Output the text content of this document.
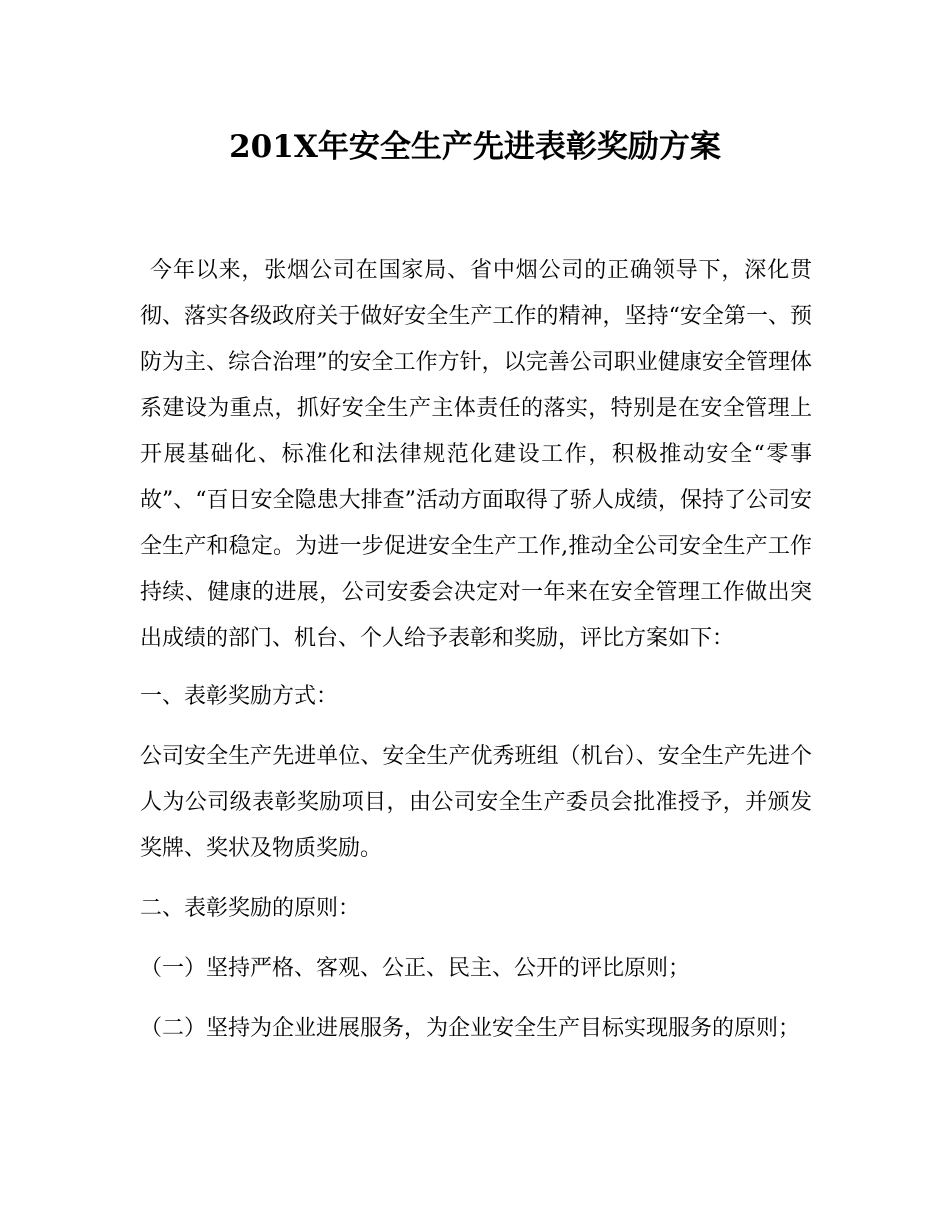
201X年安全生产先进表彰奖励方案

今年以来，张烟公司在国家局、省中烟公司的正确领导下，深化贯彻、落实各级政府关于做好安全生产工作的精神，坚持“安全第一、预防为主、综合治理”的安全工作方针，以完善公司职业健康安全管理体系建设为重点，抓好安全生产主体责任的落实，特别是在安全管理上开展基础化、标准化和法律规范化建设工作，积极推动安全“零事故”、“百日安全隐患大排查”活动方面取得了骄人成绩，保持了公司安全生产和稳定。为进一步促进安全生产工作,推动全公司安全生产工作持续、健康的进展，公司安委会决定对一年来在安全管理工作做出突出成绩的部门、机台、个人给予表彰和奖励，评比方案如下：

一、表彰奖励方式：

公司安全生产先进单位、安全生产优秀班组（机台）、安全生产先进个人为公司级表彰奖励项目，由公司安全生产委员会批准授予，并颁发奖牌、奖状及物质奖励。

二、表彰奖励的原则：

（一）坚持严格、客观、公正、民主、公开的评比原则；

（二）坚持为企业进展服务，为企业安全生产目标实现服务的原则；
